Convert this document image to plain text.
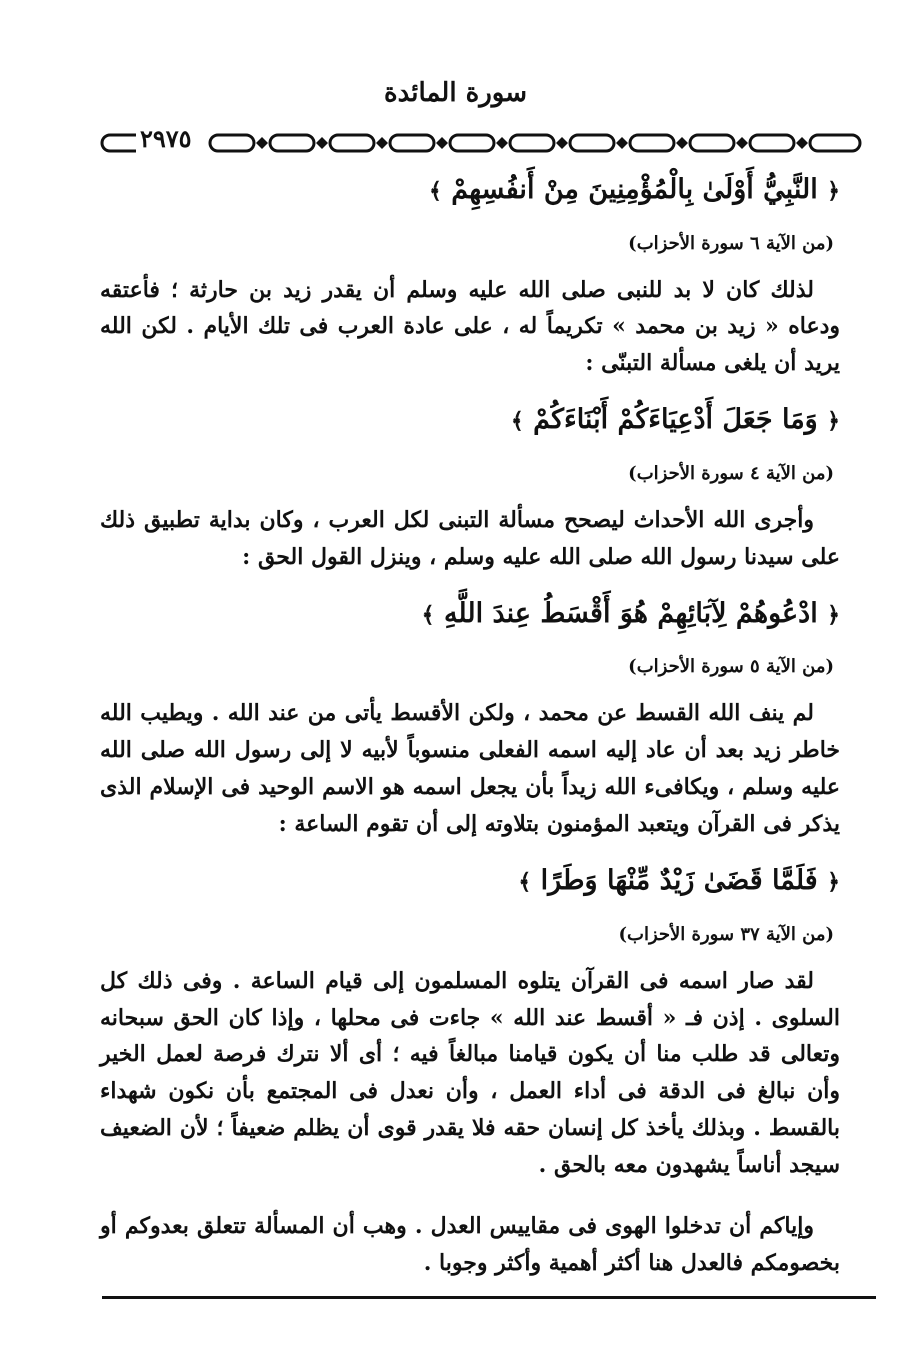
سورة المائدة
٢٩٧٥
﴿ النَّبِيُّ أَوْلَىٰ بِالْمُؤْمِنِينَ مِنْ أَنفُسِهِمْ ﴾
(من الآية ٦ سورة الأحزاب)

لذلك كان لا بد للنبى صلى الله عليه وسلم أن يقدر زيد بن حارثة ؛ فأعتقه ودعاه « زيد بن محمد » تكريماً له ، على عادة العرب فى تلك الأيام . لكن الله يريد أن يلغى مسألة التبنّى :

﴿ وَمَا جَعَلَ أَدْعِيَاءَكُمْ أَبْنَاءَكُمْ ﴾
(من الآية ٤ سورة الأحزاب)

وأجرى الله الأحداث ليصحح مسألة التبنى لكل العرب ، وكان بداية تطبيق ذلك على سيدنا رسول الله صلى الله عليه وسلم ، وينزل القول الحق :

﴿ ادْعُوهُمْ لِآبَائِهِمْ هُوَ أَقْسَطُ عِندَ اللَّهِ ﴾
(من الآية ٥ سورة الأحزاب)

لم ينف الله القسط عن محمد ، ولكن الأقسط يأتى من عند الله . ويطيب الله خاطر زيد بعد أن عاد إليه اسمه الفعلى منسوباً لأبيه لا إلى رسول الله صلى الله عليه وسلم ، ويكافىء الله زيداً بأن يجعل اسمه هو الاسم الوحيد فى الإسلام الذى يذكر فى القرآن ويتعبد المؤمنون بتلاوته إلى أن تقوم الساعة :

﴿ فَلَمَّا قَضَىٰ زَيْدٌ مِّنْهَا وَطَرًا ﴾
(من الآية ٣٧ سورة الأحزاب)

لقد صار اسمه فى القرآن يتلوه المسلمون إلى قيام الساعة . وفى ذلك كل السلوى . إذن فـ « أقسط عند الله » جاءت فى محلها ، وإذا كان الحق سبحانه وتعالى قد طلب منا أن يكون قيامنا مبالغاً فيه ؛ أى ألا نترك فرصة لعمل الخير وأن نبالغ فى الدقة فى أداء العمل ، وأن نعدل فى المجتمع بأن نكون شهداء بالقسط . وبذلك يأخذ كل إنسان حقه فلا يقدر قوى أن يظلم ضعيفاً ؛ لأن الضعيف سيجد أناساً يشهدون معه بالحق .

وإياكم أن تدخلوا الهوى فى مقاييس العدل . وهب أن المسألة تتعلق بعدوكم أو بخصومكم فالعدل هنا أكثر أهمية وأكثر وجوبا .
